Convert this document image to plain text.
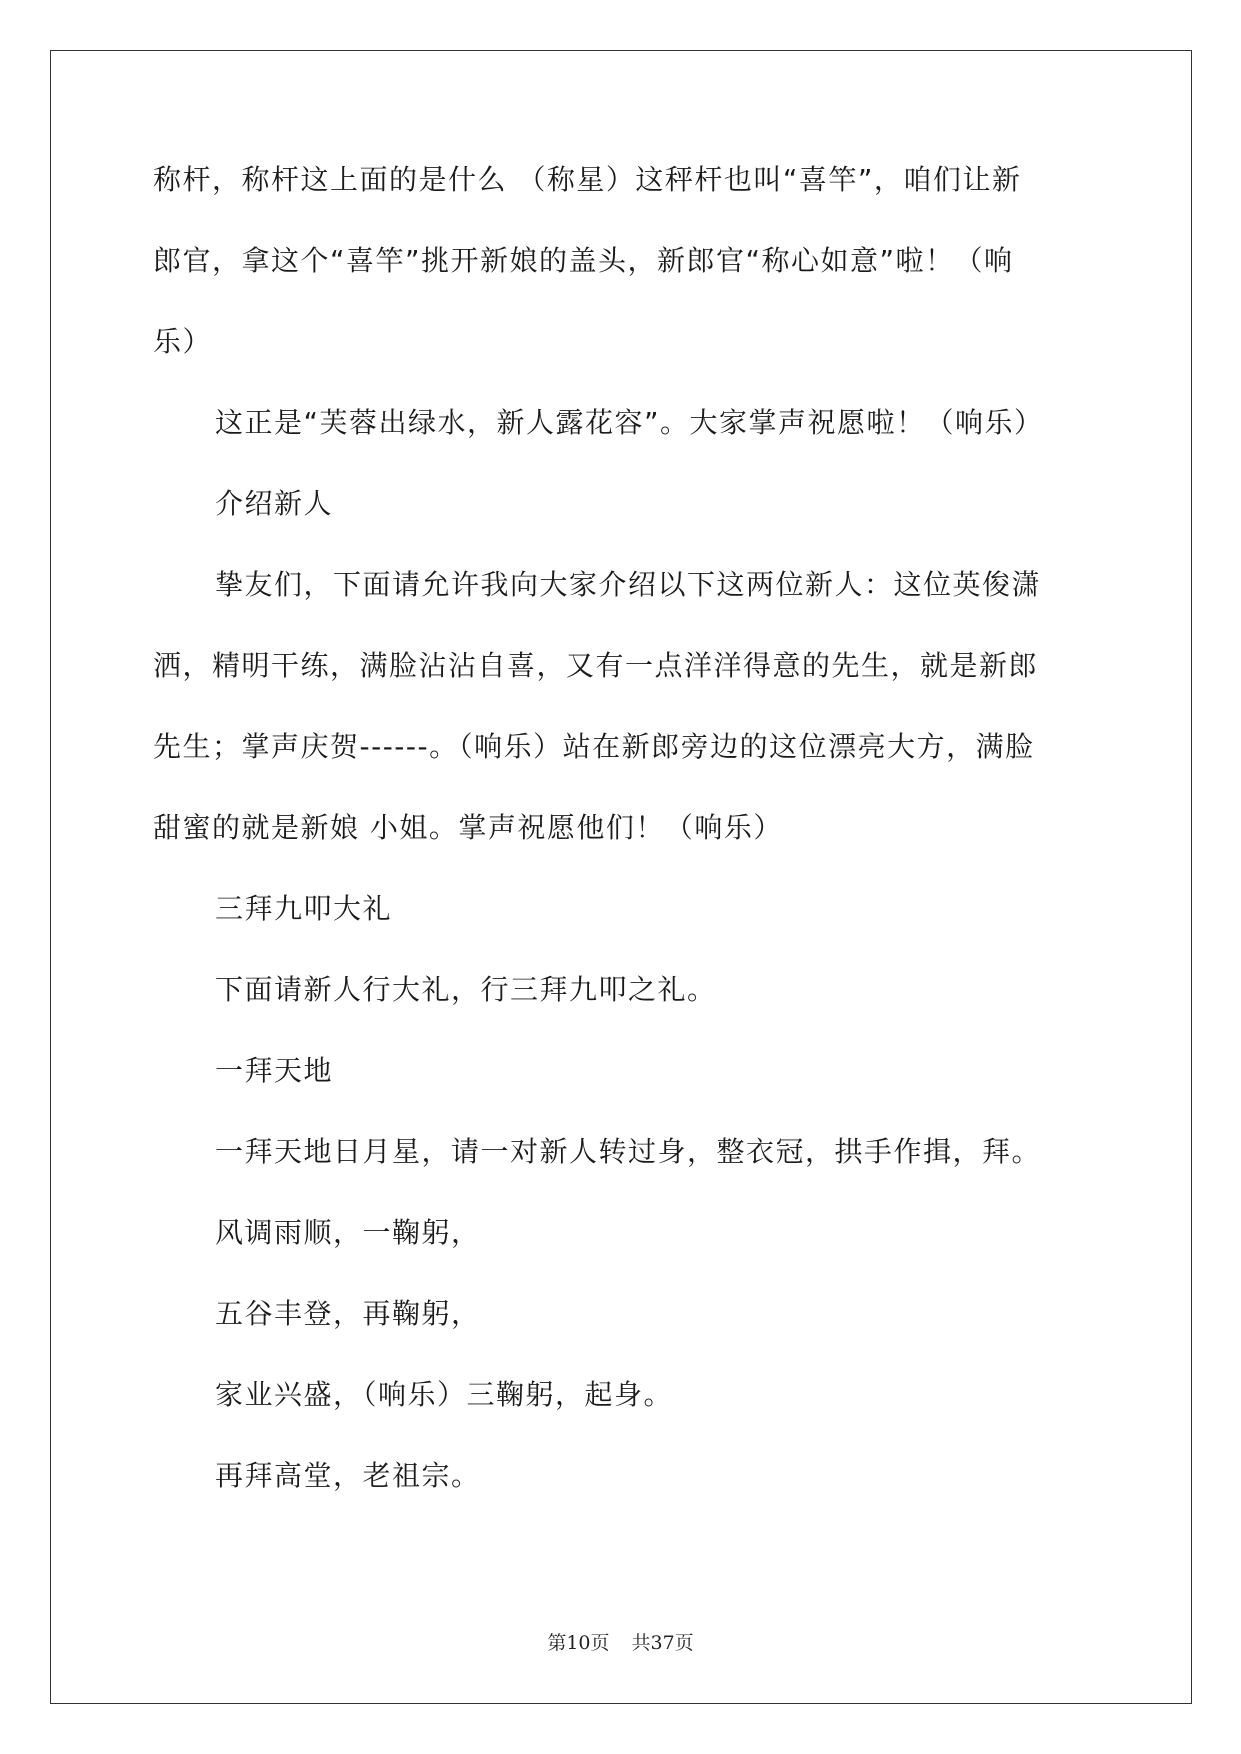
称杆，称杆这上面的是什么 （称星）这秤杆也叫“喜竿”，咱们让新
郎官，拿这个“喜竿”挑开新娘的盖头，新郎官“称心如意”啦！（响
乐）
这正是“芙蓉出绿水，新人露花容”。大家掌声祝愿啦！（响乐）
介绍新人
挚友们，下面请允许我向大家介绍以下这两位新人：这位英俊潇
洒，精明干练，满脸沾沾自喜，又有一点洋洋得意的先生，就是新郎
先生；掌声庆贺------。（响乐）站在新郎旁边的这位漂亮大方，满脸
甜蜜的就是新娘 小姐。掌声祝愿他们！（响乐）
三拜九叩大礼
下面请新人行大礼，行三拜九叩之礼。
一拜天地
一拜天地日月星，请一对新人转过身，整衣冠，拱手作揖，拜。
风调雨顺，一鞠躬，
五谷丰登，再鞠躬，
家业兴盛，（响乐）三鞠躬，起身。
再拜高堂，老祖宗。
第10页 共37页
